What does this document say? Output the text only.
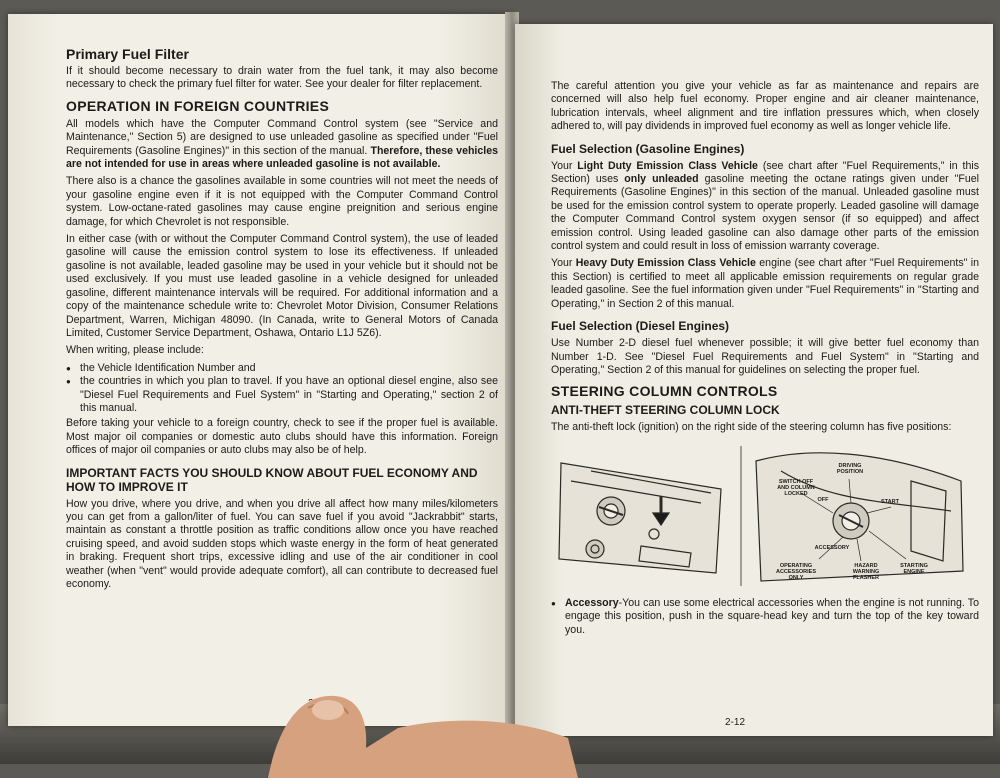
Primary Fuel Filter

If it should become necessary to drain water from the fuel tank, it may also become necessary to check the primary fuel filter for water. See your dealer for filter replacement.

OPERATION IN FOREIGN COUNTRIES

All models which have the Computer Command Control system (see "Service and Maintenance," Section 5) are designed to use unleaded gasoline as specified under "Fuel Requirements (Gasoline Engines)" in this section of the manual. Therefore, these vehicles are not intended for use in areas where unleaded gasoline is not available.

There also is a chance the gasolines available in some countries will not meet the needs of your gasoline engine even if it is not equipped with the Computer Command Control system. Low-octane-rated gasolines may cause engine preignition and serious engine damage, for which Chevrolet is not responsible.

In either case (with or without the Computer Command Control system), the use of leaded gasoline will cause the emission control system to lose its effectiveness. If unleaded gasoline is not available, leaded gasoline may be used in your vehicle but it should not be used exclusively. If you must use leaded gasoline in a vehicle designed for unleaded gasoline, different maintenance intervals will be required. For additional information and a copy of the maintenance schedule write to: Chevrolet Motor Division, Consumer Relations Department, Warren, Michigan 48090. (In Canada, write to General Motors of Canada Limited, Customer Service Department, Oshawa, Ontario L1J 5Z6).

When writing, please include:

● the Vehicle Identification Number and
● the countries in which you plan to travel. If you have an optional diesel engine, also see "Diesel Fuel Requirements and Fuel System" in "Starting and Operating," section 2 of this manual.

Before taking your vehicle to a foreign country, check to see if the proper fuel is available. Most major oil companies or domestic auto clubs should have this information. Foreign offices of major oil companies or auto clubs may also be of help.

IMPORTANT FACTS YOU SHOULD KNOW ABOUT FUEL ECONOMY AND HOW TO IMPROVE IT

How you drive, where you drive, and when you drive all affect how many miles/kilometers you can get from a gallon/liter of fuel. You can save fuel if you avoid "Jackrabbit" starts, maintain as constant a throttle position as traffic conditions allow once you have reached cruising speed, and avoid sudden stops which waste energy in the form of heat generated in braking. Frequent short trips, excessive idling and use of the air conditioner in cool weather (when "vent" would provide adequate comfort), all can contribute to decreased fuel economy.

The careful attention you give your vehicle as far as maintenance and repairs are concerned will also help fuel economy. Proper engine and air cleaner maintenance, lubrication intervals, wheel alignment and tire inflation pressures which, when closely adhered to, will pay dividends in improved fuel economy as well as longer vehicle life.

Fuel Selection (Gasoline Engines)

Your Light Duty Emission Class Vehicle (see chart after "Fuel Requirements," in this Section) uses only unleaded gasoline meeting the octane ratings given under "Fuel Requirements (Gasoline Engines)" in this section of the manual. Unleaded gasoline must be used for the emission control system to operate properly. Leaded gasoline will damage the Computer Command Control system oxygen sensor (if so equipped) and affect emission control. Using leaded gasoline can also damage other parts of the emission control system and could result in loss of emission warranty coverage.

Your Heavy Duty Emission Class Vehicle engine (see chart after "Fuel Requirements" in this Section) is certified to meet all applicable emission requirements on regular grade leaded gasoline. See the fuel information given under "Fuel Requirements" in "Starting and Operating," in Section 2 of this manual.

Fuel Selection (Diesel Engines)

Use Number 2-D diesel fuel whenever possible; it will give better fuel economy than Number 1-D. See "Diesel Fuel Requirements and Fuel System" in "Starting and Operating," Section 2 of this manual for guidelines on selecting the proper fuel.

STEERING COLUMN CONTROLS
ANTI-THEFT STEERING COLUMN LOCK

The anti-theft lock (ignition) on the right side of the steering column has five positions:

SWITCH OFF AND COLUMN LOCKED
DRIVING POSITION
OFF	START
ACCESSORY
OPERATING ACCESSORIES ONLY
HAZARD WARNING FLASHER
STARTING ENGINE
● Accessory-You can use some electrical accessories when the engine is not running. To engage this position, push in the square-head key and turn the top of the key toward you.
2-12
